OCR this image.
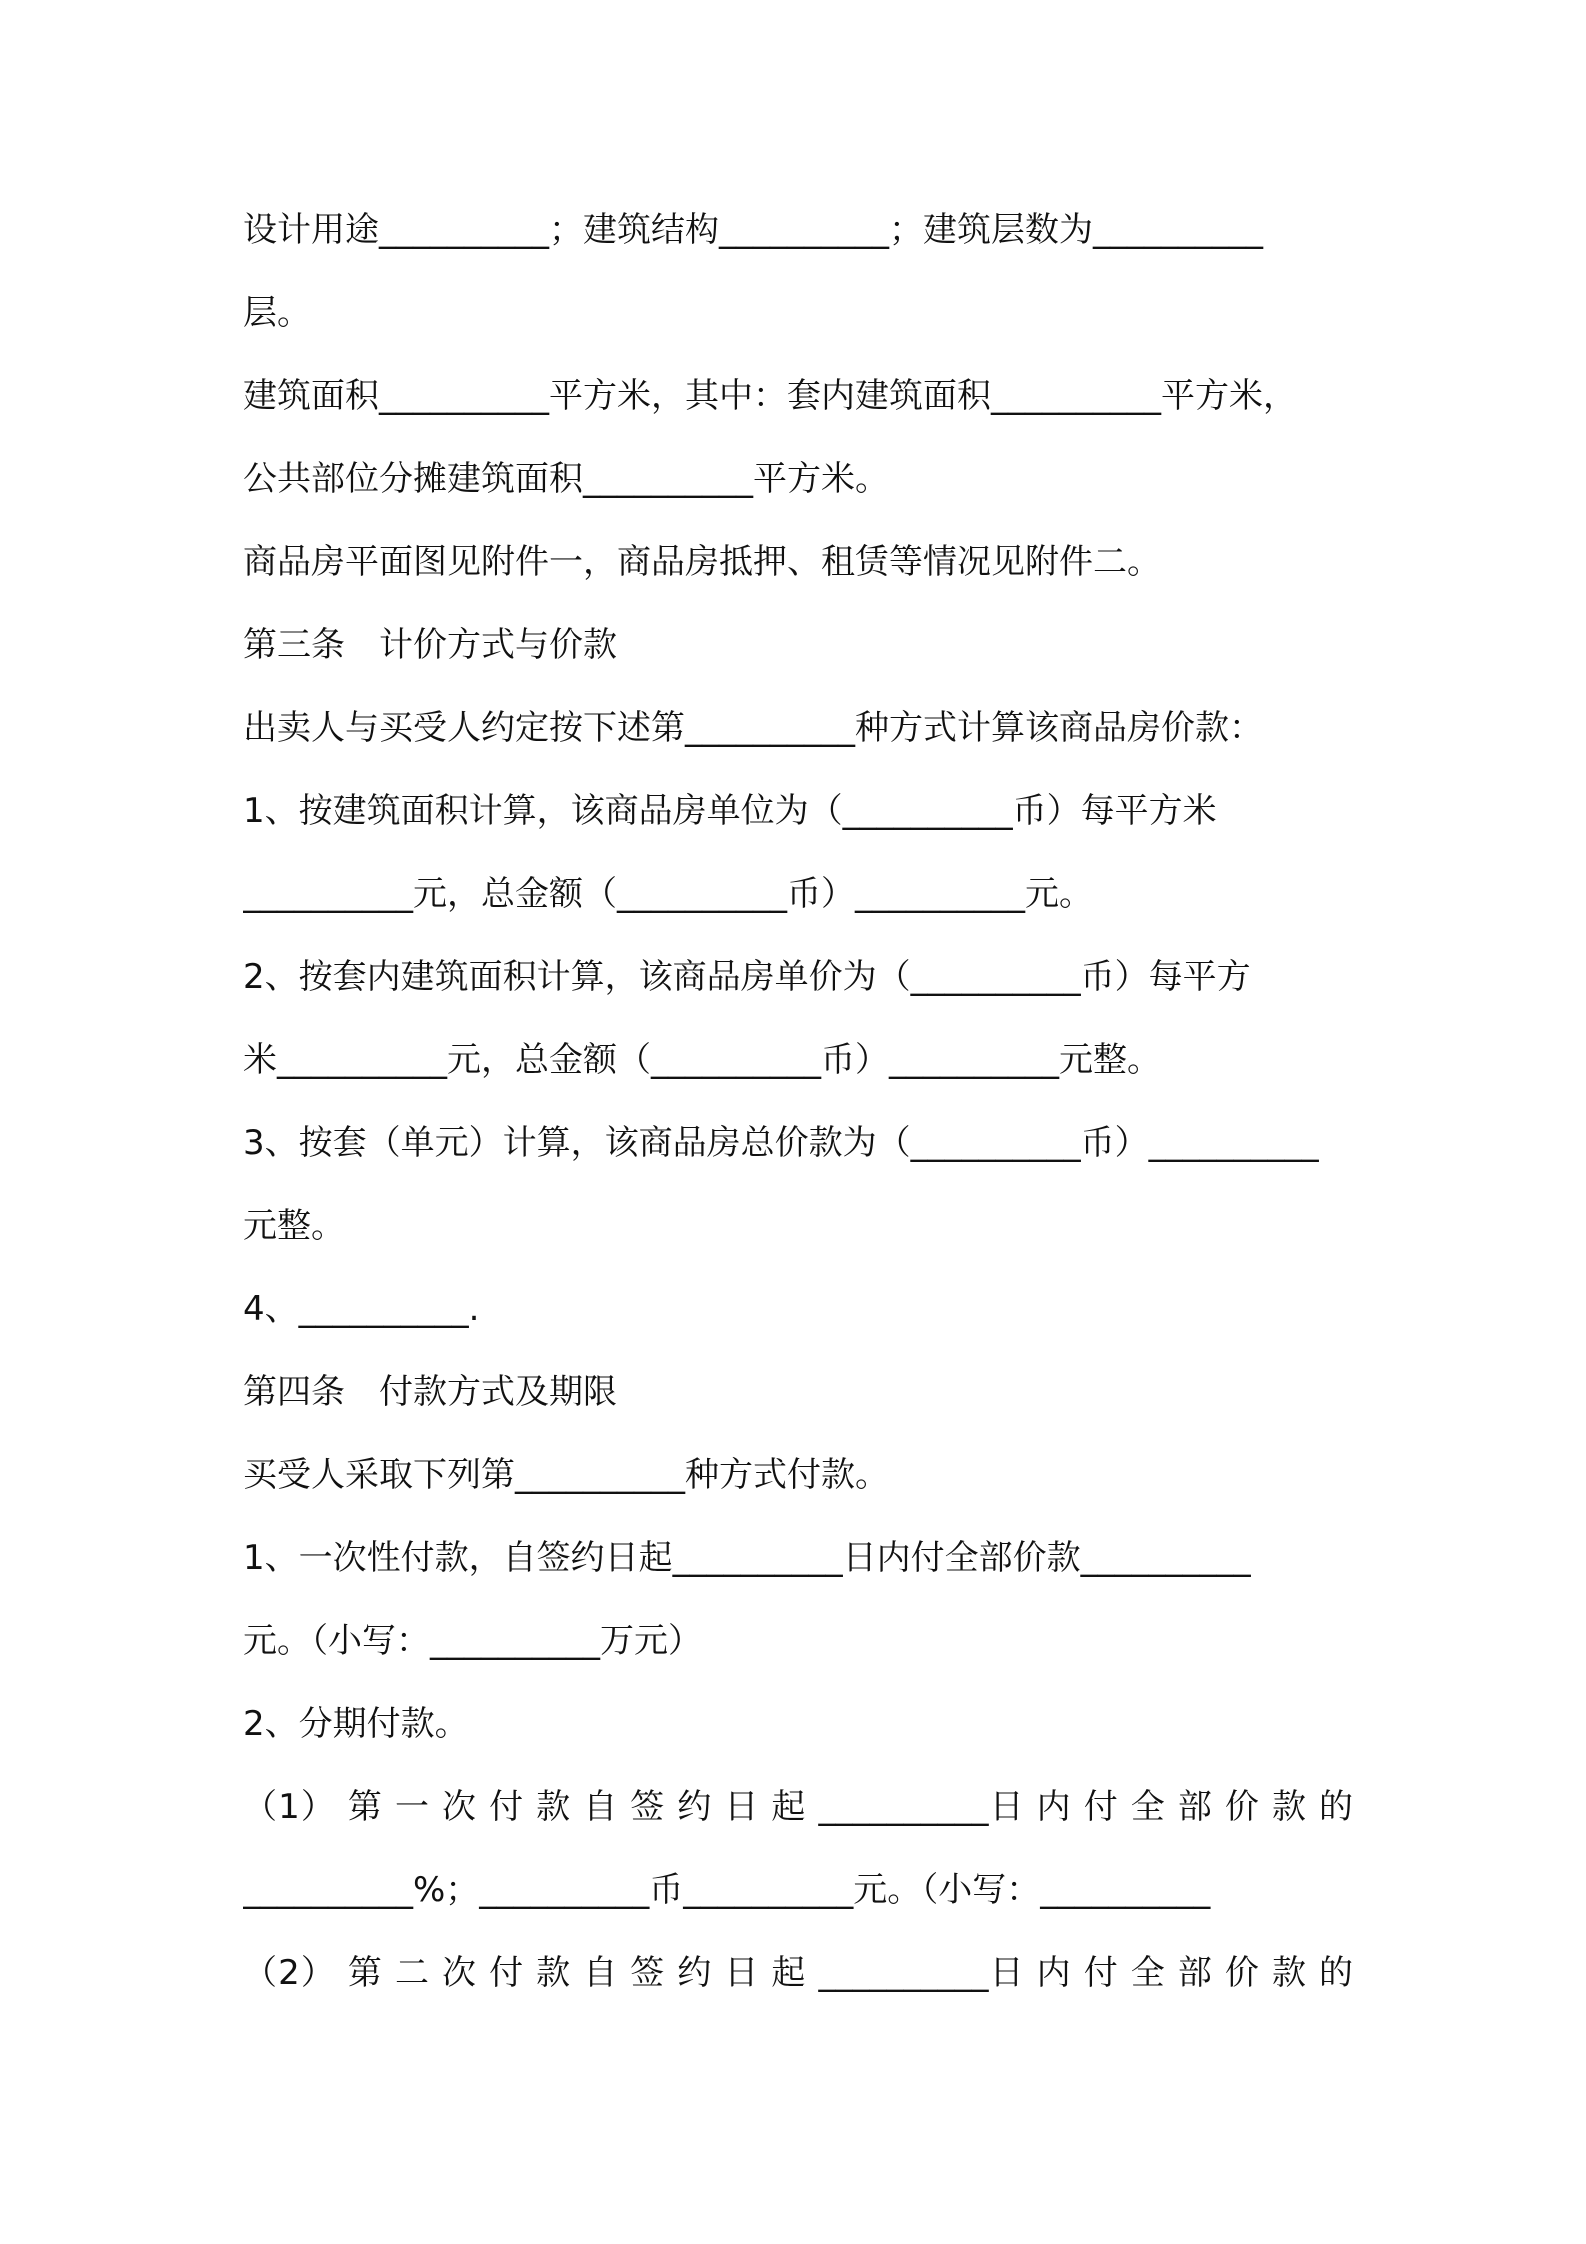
设计用途__________；建筑结构__________；建筑层数为__________
层。
建筑面积__________平方米，其中：套内建筑面积__________平方米，
公共部位分摊建筑面积__________平方米。
商品房平面图见附件一，商品房抵押、租赁等情况见附件二。
第三条　计价方式与价款
出卖人与买受人约定按下述第__________种方式计算该商品房价款：
1、按建筑面积计算，该商品房单位为（__________币）每平方米
__________元，总金额（__________币）__________元。
2、按套内建筑面积计算，该商品房单价为（__________币）每平方
米__________元，总金额（__________币）__________元整。
3、按套（单元）计算，该商品房总价款为（__________币）__________
元整。
4、__________.
第四条　付款方式及期限
买受人采取下列第__________种方式付款。
1、一次性付款，自签约日起__________日内付全部价款__________
元。（小写：__________万元）
2、分期付款。
（1） 第 一 次 付 款 自 签 约 日 起 __________日 内 付 全 部 价 款 的
__________%；__________币__________元。（小写：__________
（2） 第 二 次 付 款 自 签 约 日 起 __________日 内 付 全 部 价 款 的
